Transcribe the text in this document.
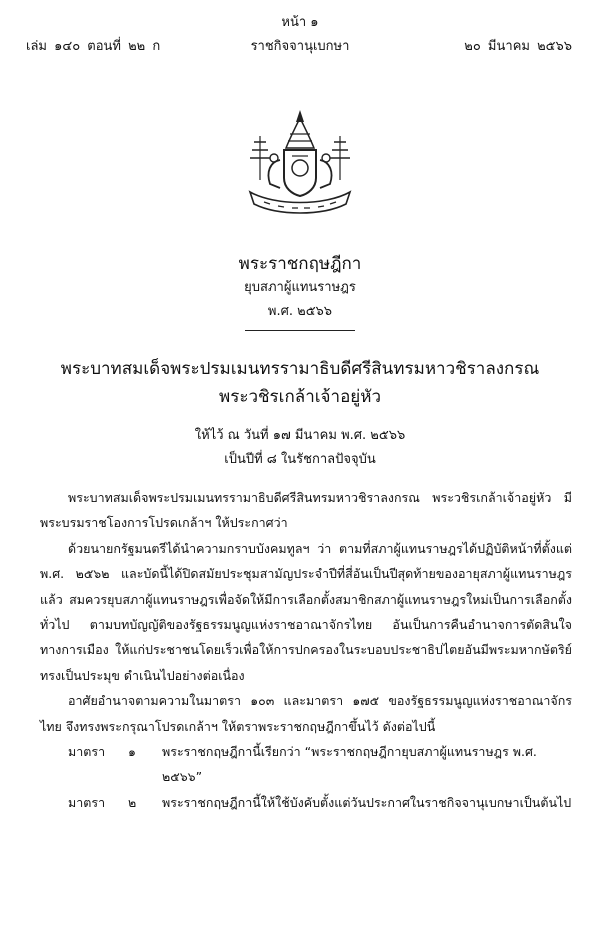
หน้า ๑
เล่ม ๑๔๐ ตอนที่ ๒๒ ก	ราชกิจจานุเบกษา	๒๐ มีนาคม ๒๕๖๖
พระราชกฤษฎีกา
ยุบสภาผู้แทนราษฎร
พ.ศ. ๒๕๖๖
พระบาทสมเด็จพระปรมเมนทรรามาธิบดีศรีสินทรมหาวชิราลงกรณ
พระวชิรเกล้าเจ้าอยู่หัว
ให้ไว้ ณ วันที่ ๑๗ มีนาคม พ.ศ. ๒๕๖๖
เป็นปีที่ ๘ ในรัชกาลปัจจุบัน

พระบาทสมเด็จพระปรมเมนทรรามาธิบดีศรีสินทรมหาวชิราลงกรณ พระวชิรเกล้าเจ้าอยู่หัว มีพระบรมราชโองการโปรดเกล้าฯ ให้ประกาศว่า

ด้วยนายกรัฐมนตรีได้นำความกราบบังคมทูลฯ ว่า ตามที่สภาผู้แทนราษฎรได้ปฏิบัติหน้าที่ตั้งแต่ พ.ศ. ๒๕๖๒ และบัดนี้ได้ปิดสมัยประชุมสามัญประจำปีที่สี่อันเป็นปีสุดท้ายของอายุสภาผู้แทนราษฎรแล้ว สมควรยุบสภาผู้แทนราษฎรเพื่อจัดให้มีการเลือกตั้งสมาชิกสภาผู้แทนราษฎรใหม่เป็นการเลือกตั้งทั่วไป ตามบทบัญญัติของรัฐธรรมนูญแห่งราชอาณาจักรไทย อันเป็นการคืนอำนาจการตัดสินใจทางการเมือง ให้แก่ประชาชนโดยเร็วเพื่อให้การปกครองในระบอบประชาธิปไตยอันมีพระมหากษัตริย์ทรงเป็นประมุข ดำเนินไปอย่างต่อเนื่อง

อาศัยอำนาจตามความในมาตรา ๑๐๓ และมาตรา ๑๗๕ ของรัฐธรรมนูญแห่งราชอาณาจักรไทย จึงทรงพระกรุณาโปรดเกล้าฯ ให้ตราพระราชกฤษฎีกาขึ้นไว้ ดังต่อไปนี้

มาตรา	๑	พระราชกฤษฎีกานี้เรียกว่า “พระราชกฤษฎีกายุบสภาผู้แทนราษฎร พ.ศ. ๒๕๖๖”
มาตรา	๒	พระราชกฤษฎีกานี้ให้ใช้บังคับตั้งแต่วันประกาศในราชกิจจานุเบกษาเป็นต้นไป
